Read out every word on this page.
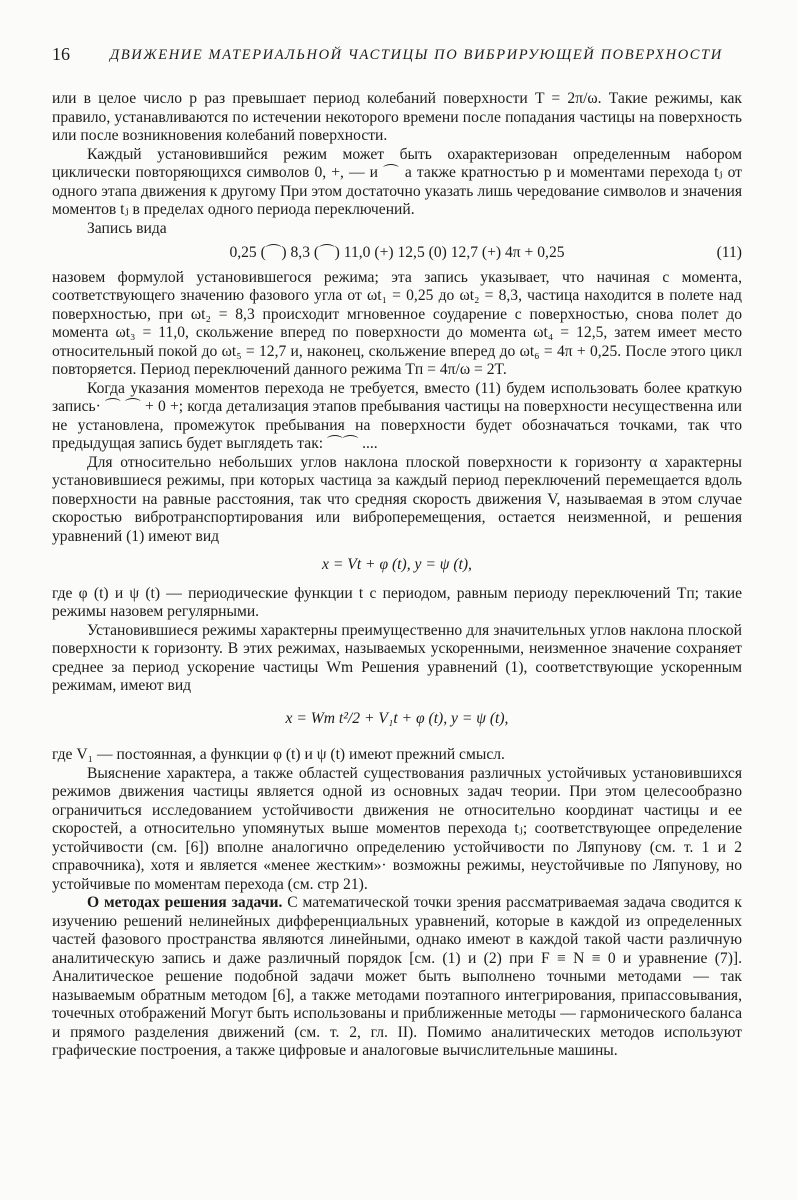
16	ДВИЖЕНИЕ МАТЕРИАЛЬНОЙ ЧАСТИЦЫ ПО ВИБРИРУЮЩЕЙ ПОВЕРХНОСТИ

или в целое число p раз превышает период колебаний поверхности T = 2π/ω. Такие режимы, как правило, устанавливаются по истечении некоторого времени после попадания частицы на поверхность или после возникновения колебаний поверхности.

Каждый установившийся режим может быть охарактеризован определенным набором циклически повторяющихся символов 0, +, — и ⌒ а также кратностью p и моментами перехода tⱼ от одного этапа движения к другому При этом достаточно указать лишь чередование символов и значения моментов tⱼ в пределах одного периода переключений.

Запись вида

0,25 (⌒) 8,3 (⌒) 11,0 (+) 12,5 (0) 12,7 (+) 4π + 0,25	(11)

назовем формулой установившегося режима; эта запись указывает, что начиная с момента, соответствующего значению фазового угла от ωt₁ = 0,25 до ωt₂ = 8,3, частица находится в полете над поверхностью, при ωt₂ = 8,3 происходит мгновенное соударение с поверхностью, снова полет до момента ωt₃ = 11,0, скольжение вперед по поверхности до момента ωt₄ = 12,5, затем имеет место относительный покой до ωt₅ = 12,7 и, наконец, скольжение вперед до ωt₆ = 4π + 0,25. После этого цикл повторяется. Период переключений данного режима Tп = 4π/ω = 2T.

Когда указания моментов перехода не требуется, вместо (11) будем использовать более краткую запись· ⌒ ⌒ + 0 +; когда детализация этапов пребывания частицы на поверхности несущественна или не установлена, промежуток пребывания на поверхности будет обозначаться точками, так что предыдущая запись будет выглядеть так: ⌒⌒ ....

Для относительно небольших углов наклона плоской поверхности к горизонту α характерны установившиеся режимы, при которых частица за каждый период переключений перемещается вдоль поверхности на равные расстояния, так что средняя скорость движения V, называемая в этом случае скоростью вибротранспортирования или виброперемещения, остается неизменной, и решения уравнений (1) имеют вид

x = Vt + φ (t), y = ψ (t),

где φ (t) и ψ (t) — периодические функции t с периодом, равным периоду переключений Tп; такие режимы назовем регулярными.

Установившиеся режимы характерны преимущественно для значительных углов наклона плоской поверхности к горизонту. В этих режимах, называемых ускоренными, неизменное значение сохраняет среднее за период ускорение частицы Wm Решения уравнений (1), соответствующие ускоренным режимам, имеют вид

x = Wm t²/2 + V₁t + φ (t), y = ψ (t),

где V₁ — постоянная, а функции φ (t) и ψ (t) имеют прежний смысл.

Выяснение характера, а также областей существования различных устойчивых установившихся режимов движения частицы является одной из основных задач теории. При этом целесообразно ограничиться исследованием устойчивости движения не относительно координат частицы и ее скоростей, а относительно упомянутых выше моментов перехода tⱼ; соответствующее определение устойчивости (см. [6]) вполне аналогично определению устойчивости по Ляпунову (см. т. 1 и 2 справочника), хотя и является «менее жестким»· возможны режимы, неустойчивые по Ляпунову, но устойчивые по моментам перехода (см. стр 21).

О методах решения задачи. С математической точки зрения рассматриваемая задача сводится к изучению решений нелинейных дифференциальных уравнений, которые в каждой из определенных частей фазового пространства являются линейными, однако имеют в каждой такой части различную аналитическую запись и даже различный порядок [см. (1) и (2) при F ≡ N ≡ 0 и уравнение (7)]. Аналитическое решение подобной задачи может быть выполнено точными методами — так называемым обратным методом [6], а также методами поэтапного интегрирования, припассовывания, точечных отображений Могут быть использованы и приближенные методы — гармонического баланса и прямого разделения движений (см. т. 2, гл. II). Помимо аналитических методов используют графические построения, а также цифровые и аналоговые вычислительные машины.
